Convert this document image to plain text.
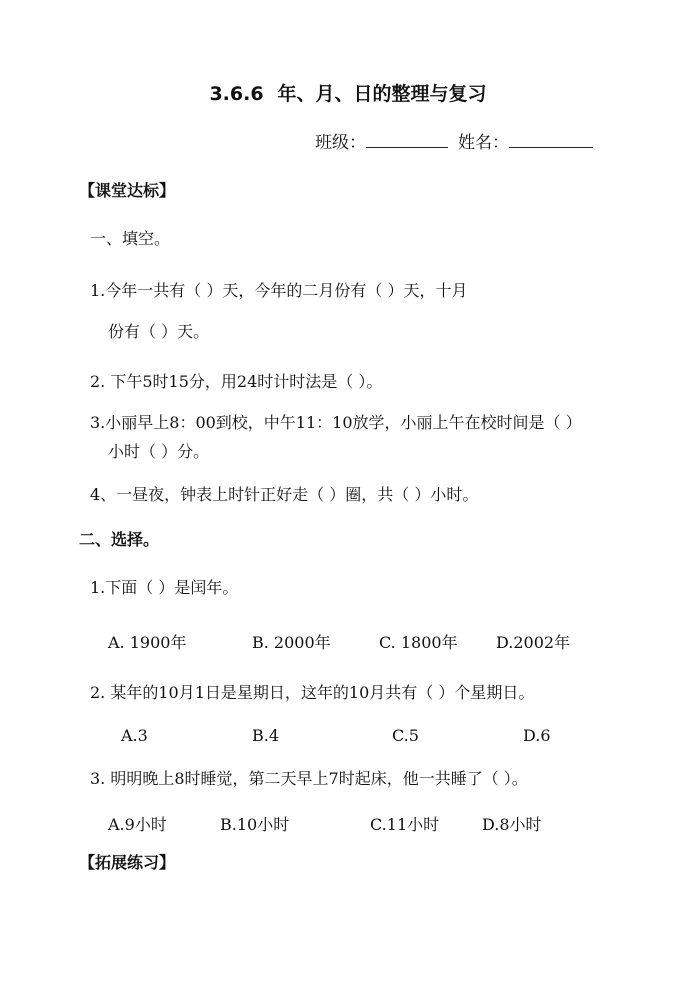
3.6.6 年、月、日的整理与复习
班级：	姓名：
【课堂达标】
一、填空。
1.今年一共有（ ）天，今年的二月份有（ ）天，十月
份有（ ）天。
2. 下午5时15分，用24时计时法是（ ）。
3.小丽早上8：00到校，中午11：10放学，小丽上午在校时间是（ ）
小时（ ）分。
4、一昼夜，钟表上时针正好走（ ）圈，共（ ）小时。
二、选择。
1.下面（ ）是闰年。
A. 1900年	B. 2000年	C. 1800年 D.2002年
2. 某年的10月1日是星期日，这年的10月共有（ ）个星期日。
A.3	B.4	C.5	D.6
3. 明明晚上8时睡觉，第二天早上7时起床，他一共睡了（ ）。
A.9小时	B.10小时	C.11小时	D.8小时
【拓展练习】
